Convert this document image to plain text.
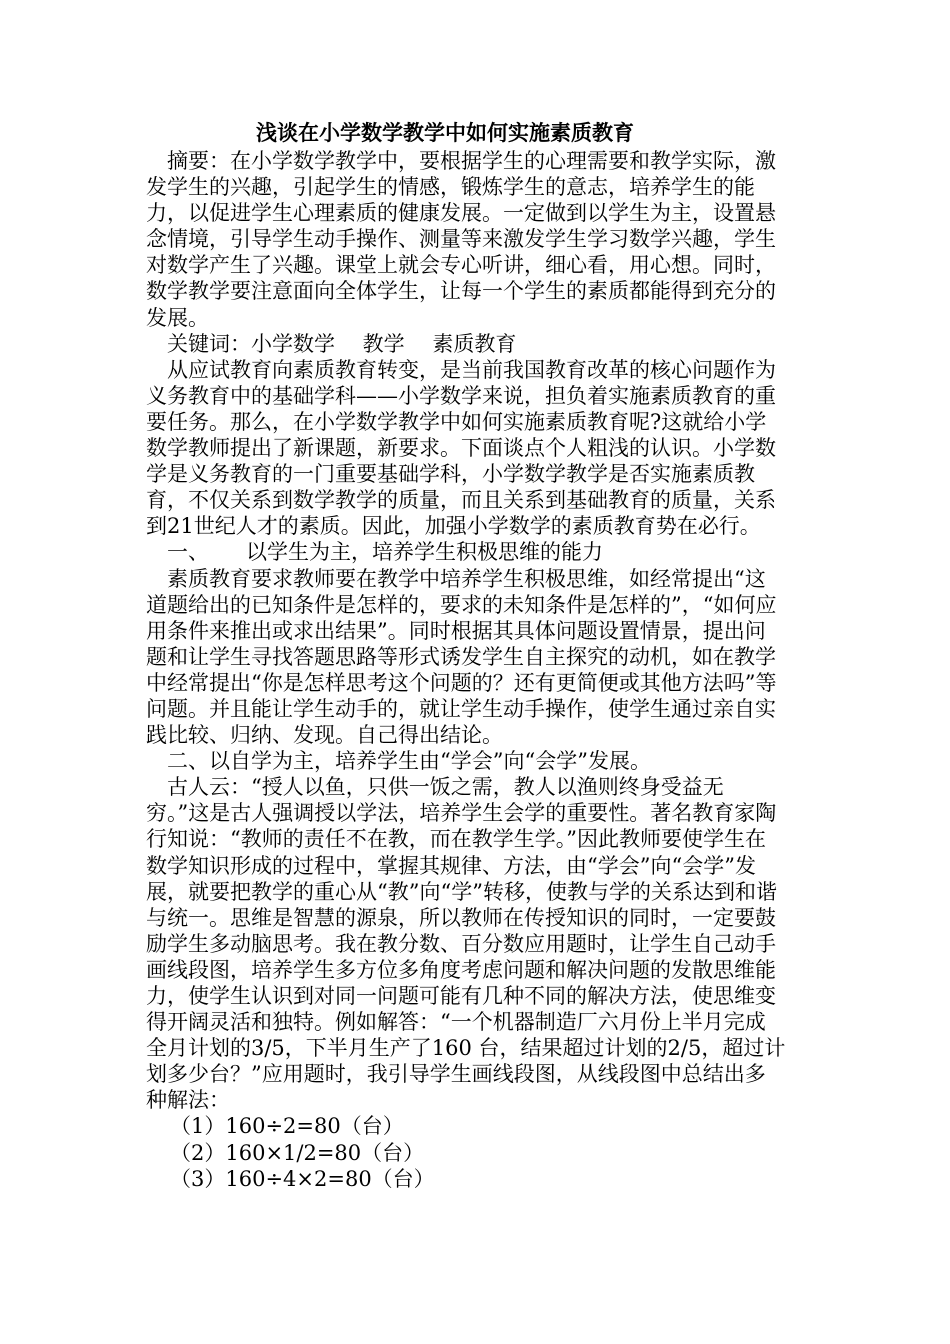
浅谈在小学数学教学中如何实施素质教育

摘要：在小学数学教学中，要根据学生的心理需要和教学实际，激发学生的兴趣，引起学生的情感，锻炼学生的意志，培养学生的能力，以促进学生心理素质的健康发展。一定做到以学生为主，设置悬念情境，引导学生动手操作、测量等来激发学生学习数学兴趣，学生对数学产生了兴趣。课堂上就会专心听讲，细心看，用心想。同时，数学教学要注意面向全体学生，让每一个学生的素质都能得到充分的发展。

关键词：小学数学　 教学　 素质教育

从应试教育向素质教育转变，是当前我国教育改革的核心问题作为义务教育中的基础学科——小学数学来说，担负着实施素质教育的重要任务。那么，在小学数学教学中如何实施素质教育呢?这就给小学数学教师提出了新课题，新要求。下面谈点个人粗浅的认识。小学数学是义务教育的一门重要基础学科，小学数学教学是否实施素质教育，不仅关系到数学教学的质量，而且关系到基础教育的质量，关系到21世纪人才的素质。因此，加强小学数学的素质教育势在必行。

一、 以学生为主，培养学生积极思维的能力

素质教育要求教师要在教学中培养学生积极思维，如经常提出“这道题给出的已知条件是怎样的，要求的未知条件是怎样的”，“如何应用条件来推出或求出结果”。同时根据其具体问题设置情景，提出问题和让学生寻找答题思路等形式诱发学生自主探究的动机，如在教学中经常提出“你是怎样思考这个问题的？还有更简便或其他方法吗”等问题。并且能让学生动手的，就让学生动手操作，使学生通过亲自实践比较、归纳、发现。自己得出结论。

二、以自学为主，培养学生由“学会”向“会学”发展。

古人云：“授人以鱼，只供一饭之需，教人以渔则终身受益无穷。”这是古人强调授以学法，培养学生会学的重要性。著名教育家陶行知说：“教师的责任不在教，而在教学生学。”因此教师要使学生在数学知识形成的过程中，掌握其规律、方法，由“学会”向“会学”发展，就要把教学的重心从“教”向“学”转移，使教与学的关系达到和谐与统一。思维是智慧的源泉，所以教师在传授知识的同时，一定要鼓励学生多动脑思考。我在教分数、百分数应用题时，让学生自己动手画线段图，培养学生多方位多角度考虑问题和解决问题的发散思维能力，使学生认识到对同一问题可能有几种不同的解决方法，使思维变得开阔灵活和独特。例如解答：“一个机器制造厂六月份上半月完成全月计划的3/5，下半月生产了160 台，结果超过计划的2/5，超过计划多少台？”应用题时，我引导学生画线段图，从线段图中总结出多种解法：

（1）160÷2=80（台）

（2）160×1/2=80（台）

（3）160÷4×2=80（台）
